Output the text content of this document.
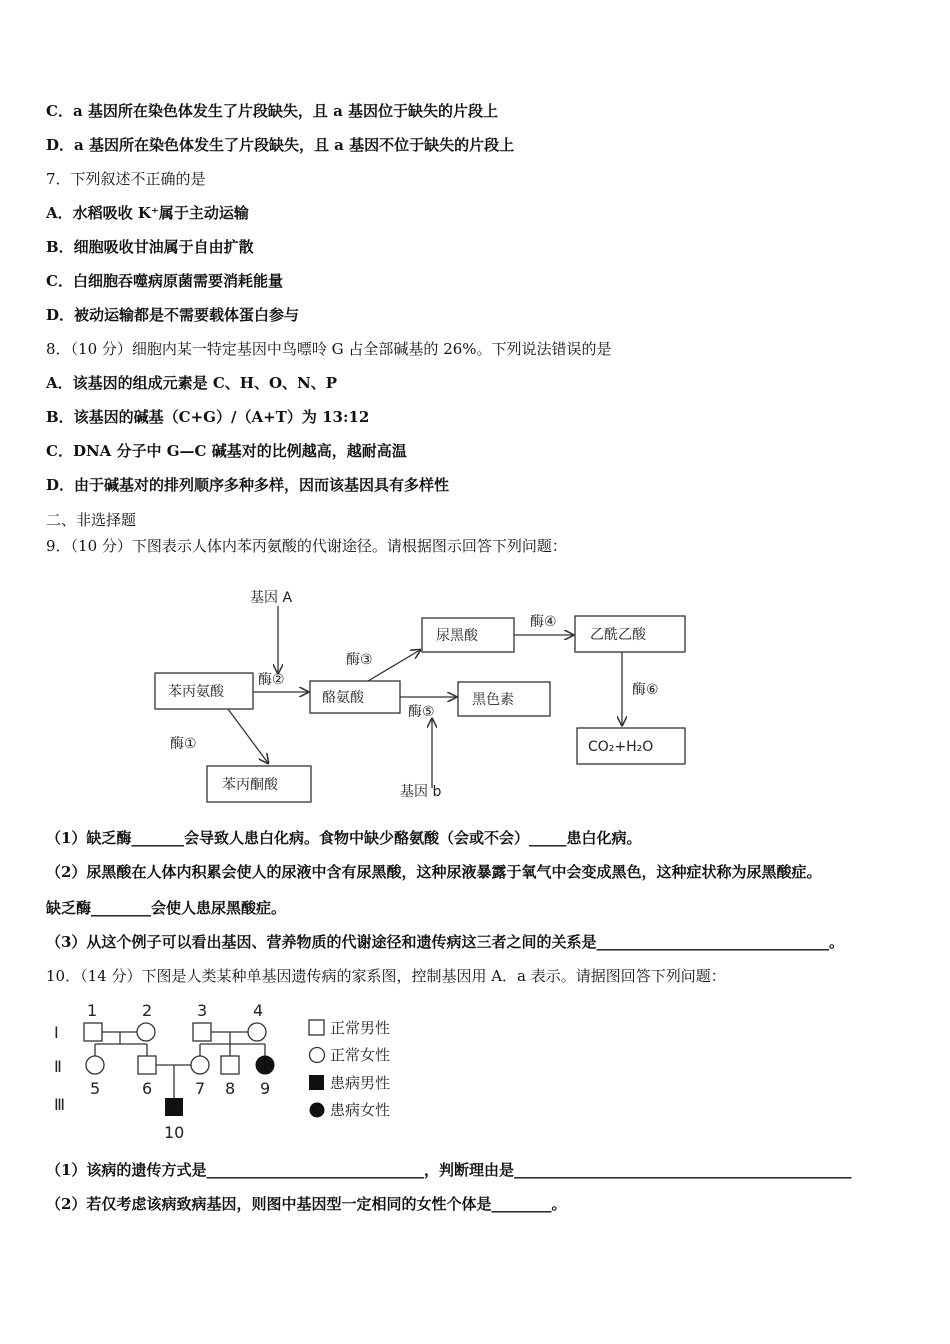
C．a 基因所在染色体发生了片段缺失，且 a 基因位于缺失的片段上
D．a 基因所在染色体发生了片段缺失，且 a 基因不位于缺失的片段上
7．下列叙述不正确的是
A．水稻吸收 K⁺属于主动运输
B．细胞吸收甘油属于自由扩散
C．白细胞吞噬病原菌需要消耗能量
D．被动运输都是不需要载体蛋白参与
8．（10 分）细胞内某一特定基因中鸟嘌呤 G 占全部碱基的 26%。下列说法错误的是
A．该基因的组成元素是 C、H、O、N、P
B．该基因的碱基（C+G）/（A+T）为 13:12
C．DNA 分子中 G—C 碱基对的比例越高，越耐高温
D．由于碱基对的排列顺序多种多样，因而该基因具有多样性
二、非选择题
9．（10 分）下图表示人体内苯丙氨酸的代谢途径。请根据图示回答下列问题：
基因 A
酶②
苯丙氨酸	酪氨酸
酶①
酶③
尿黑酸
酶④
乙酰乙酸
酶⑤
黑色素
酶⑥
CO₂+H₂O
苯丙酮酸	基因 b
（1）缺乏酶_______会导致人患白化病。食物中缺少酪氨酸（会或不会）_____患白化病。
（2）尿黑酸在人体内积累会使人的尿液中含有尿黑酸，这种尿液暴露于氧气中会变成黑色，这种症状称为尿黑酸症。
缺乏酶________会使人患尿黑酸症。
（3）从这个例子可以看出基因、营养物质的代谢途径和遗传病这三者之间的关系是_______________________________。
10．（14 分）下图是人类某种单基因遗传病的家系图，控制基因用 A．a 表示。请据图回答下列问题：
Ⅰ
Ⅱ
Ⅲ
1	2	3	4
5	6	7 8 9
10
正常男性
正常女性
患病男性
患病女性
（1）该病的遗传方式是_____________________________，判断理由是_____________________________________________
（2）若仅考虑该病致病基因，则图中基因型一定相同的女性个体是________。
